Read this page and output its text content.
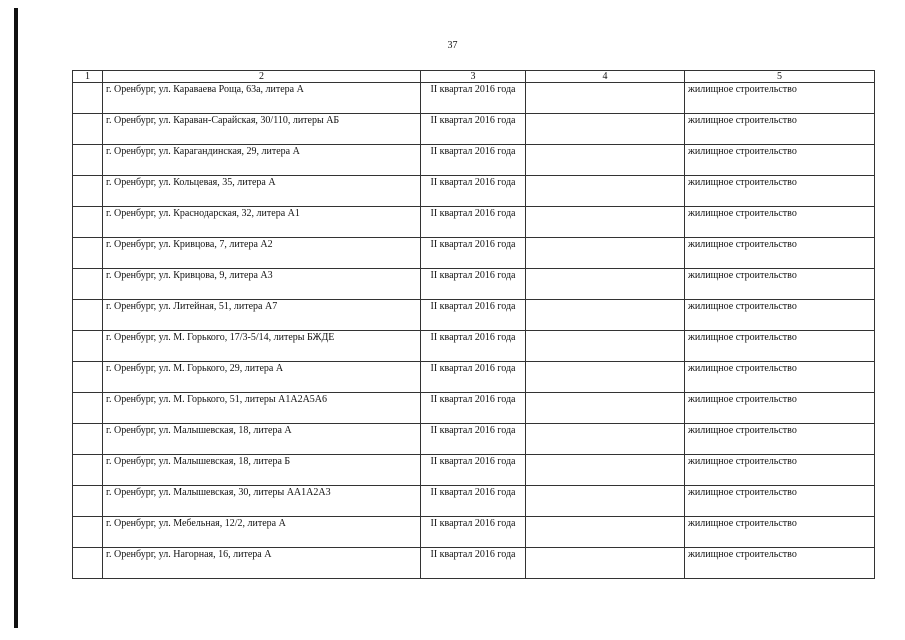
37
1	2	3	4	5
	г. Оренбург, ул. Караваева Роща, 63а, литера А	II квартал 2016 года		жилищное строительство
	г. Оренбург, ул. Караван-Сарайская, 30/110, литеры АБ	II квартал 2016 года		жилищное строительство
	г. Оренбург, ул. Карагандинская, 29, литера А	II квартал 2016 года		жилищное строительство
	г. Оренбург, ул. Кольцевая, 35, литера А	II квартал 2016 года		жилищное строительство
	г. Оренбург, ул. Краснодарская, 32, литера А1	II квартал 2016 года		жилищное строительство
	г. Оренбург, ул. Кривцова, 7, литера А2	II квартал 2016 года		жилищное строительство
	г. Оренбург, ул. Кривцова, 9, литера А3	II квартал 2016 года		жилищное строительство
	г. Оренбург, ул. Литейная, 51, литера А7	II квартал 2016 года		жилищное строительство
	г. Оренбург, ул. М. Горького, 17/3-5/14, литеры БЖДЕ	II квартал 2016 года		жилищное строительство
	г. Оренбург, ул. М. Горького, 29, литера А	II квартал 2016 года		жилищное строительство
	г. Оренбург, ул. М. Горького, 51, литеры А1А2А5А6	II квартал 2016 года		жилищное строительство
	г. Оренбург, ул. Малышевская, 18, литера А	II квартал 2016 года		жилищное строительство
	г. Оренбург, ул. Малышевская, 18, литера Б	II квартал 2016 года		жилищное строительство
	г. Оренбург, ул. Малышевская, 30, литеры АА1А2А3	II квартал 2016 года		жилищное строительство
	г. Оренбург, ул. Мебельная, 12/2, литера А	II квартал 2016 года		жилищное строительство
	г. Оренбург, ул. Нагорная, 16, литера А	II квартал 2016 года		жилищное строительство
